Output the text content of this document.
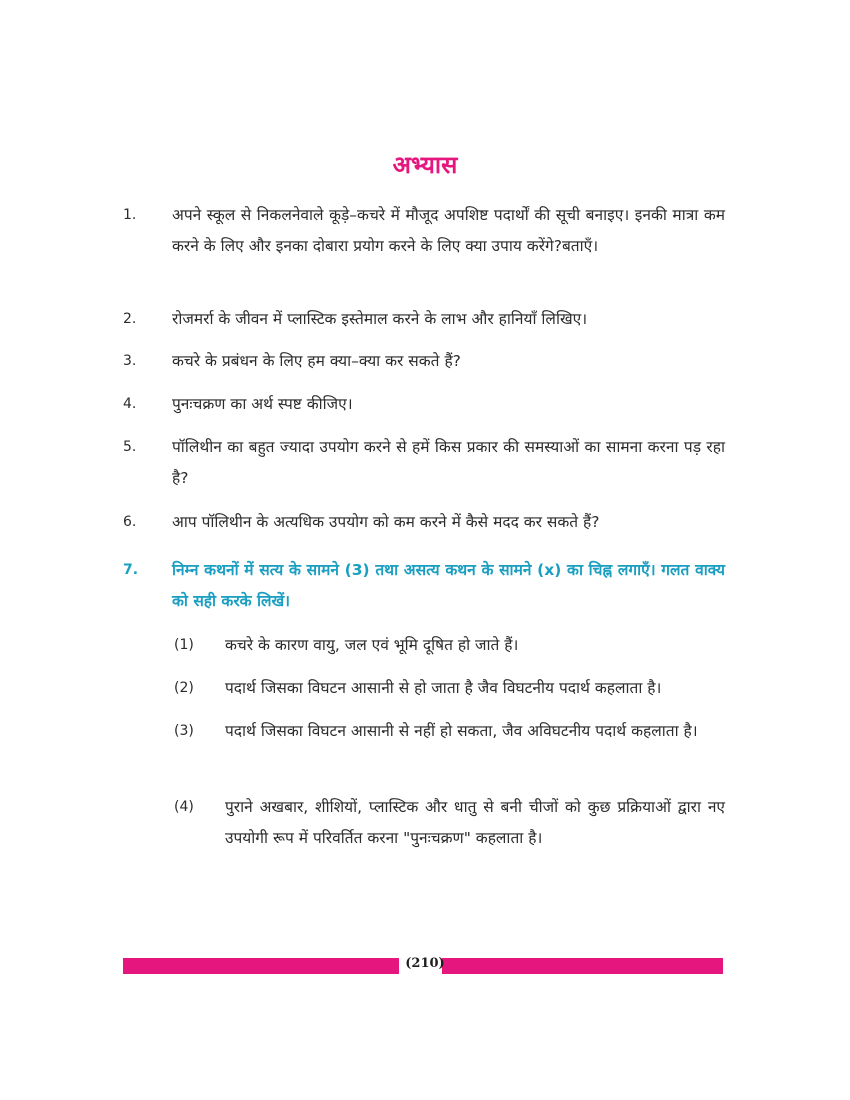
अभ्यास
1. अपने स्कूल से निकलनेवाले कूड़े–कचरे में मौजूद अपशिष्ट पदार्थों की सूची बनाइए। इनकी मात्रा कम करने के लिए और इनका दोबारा प्रयोग करने के लिए क्या उपाय करेंगे?बताएँ।
2. रोजमर्रा के जीवन में प्लास्टिक इस्तेमाल करने के लाभ और हानियाँ लिखिए।
3. कचरे के प्रबंधन के लिए हम क्या–क्या कर सकते हैं?
4. पुनःचक्रण का अर्थ स्पष्ट कीजिए।
5. पॉलिथीन का बहुत ज्यादा उपयोग करने से हमें किस प्रकार की समस्याओं का सामना करना पड़ रहा है?
6. आप पॉलिथीन के अत्यधिक उपयोग को कम करने में कैसे मदद कर सकते हैं?
7. निम्न कथनों में सत्य के सामने (3) तथा असत्य कथन के सामने (x) का चिह्न लगाएँ। गलत वाक्य को सही करके लिखें।
(1) कचरे के कारण वायु, जल एवं भूमि दूषित हो जाते हैं।
(2) पदार्थ जिसका विघटन आसानी से हो जाता है जैव विघटनीय पदार्थ कहलाता है।
(3) पदार्थ जिसका विघटन आसानी से नहीं हो सकता, जैव अविघटनीय पदार्थ कहलाता है।
(4) पुराने अखबार, शीशियों, प्लास्टिक और धातु से बनी चीजों को कुछ प्रक्रियाओं द्वारा नए उपयोगी रूप में परिवर्तित करना "पुनःचक्रण" कहलाता है।
(210)
